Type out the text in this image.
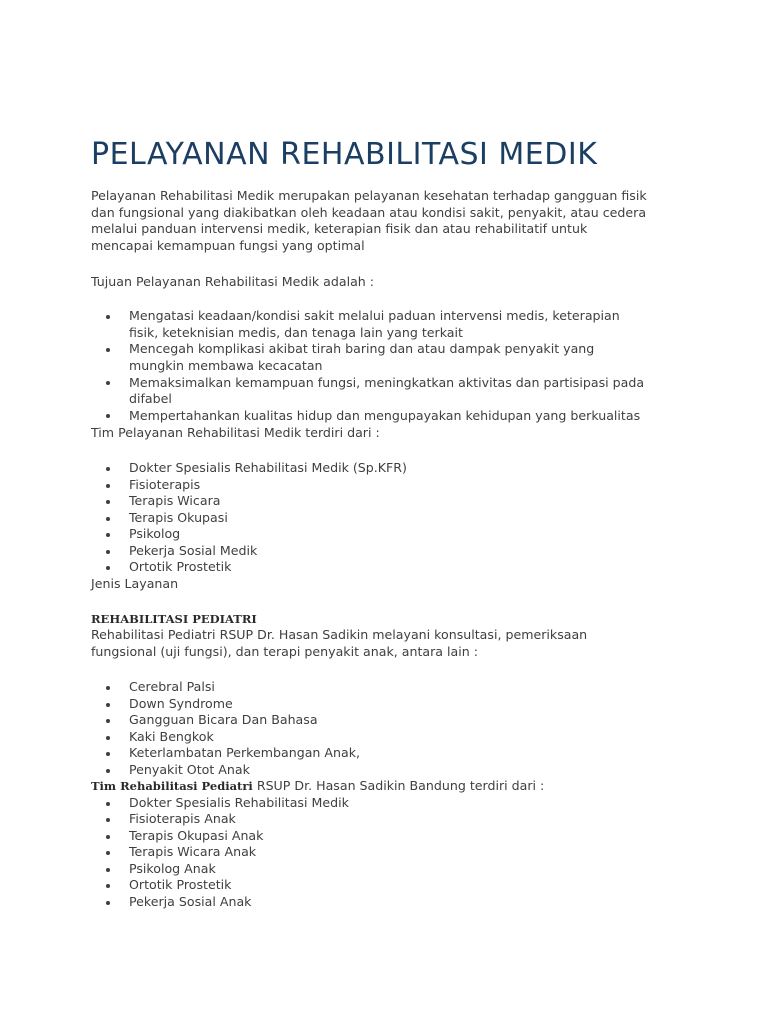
PELAYANAN REHABILITASI MEDIK

Pelayanan Rehabilitasi Medik merupakan pelayanan kesehatan terhadap gangguan fisik

dan fungsional yang diakibatkan oleh keadaan atau kondisi sakit, penyakit, atau cedera

melalui panduan intervensi medik, keterapian fisik dan atau rehabilitatif untuk

mencapai kemampuan fungsi yang optimal

Tujuan Pelayanan Rehabilitasi Medik adalah :

Mengatasi keadaan/kondisi sakit melalui paduan intervensi medis, keterapian

fisik, keteknisian medis, dan tenaga lain yang terkait

Mencegah komplikasi akibat tirah baring dan atau dampak penyakit yang

mungkin membawa kecacatan

Memaksimalkan kemampuan fungsi, meningkatkan aktivitas dan partisipasi pada

difabel

Mempertahankan kualitas hidup dan mengupayakan kehidupan yang berkualitas

Tim Pelayanan Rehabilitasi Medik terdiri dari :

Dokter Spesialis Rehabilitasi Medik (Sp.KFR)

Fisioterapis

Terapis Wicara

Terapis Okupasi

Psikolog

Pekerja Sosial Medik

Ortotik Prostetik

Jenis Layanan

REHABILITASI PEDIATRI

Rehabilitasi Pediatri RSUP Dr. Hasan Sadikin melayani konsultasi, pemeriksaan

fungsional (uji fungsi), dan terapi penyakit anak, antara lain :

Cerebral Palsi

Down Syndrome

Gangguan Bicara Dan Bahasa

Kaki Bengkok

Keterlambatan Perkembangan Anak,

Penyakit Otot Anak

Tim Rehabilitasi Pediatri RSUP Dr. Hasan Sadikin Bandung terdiri dari :

Dokter Spesialis Rehabilitasi Medik

Fisioterapis Anak

Terapis Okupasi Anak

Terapis Wicara Anak

Psikolog Anak

Ortotik Prostetik

Pekerja Sosial Anak
